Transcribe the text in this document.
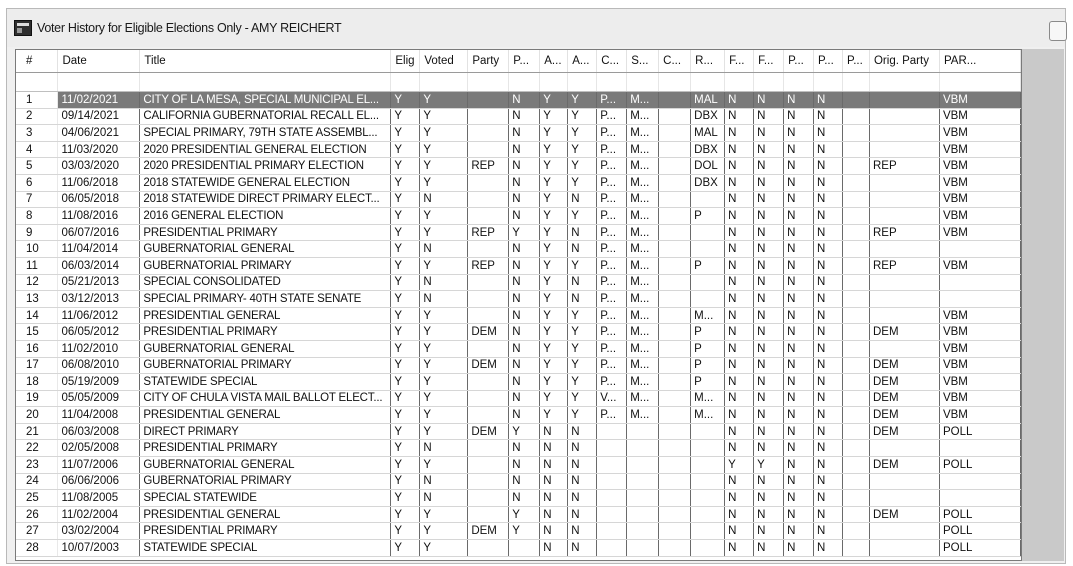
Voter History for Eligible Elections Only - AMY REICHERT
#	Date	Title	Elig	Voted	Party	P...	A...	A...	C...	S...	C...	R...	F...	F...	P...	P...	P...	Orig. Party	PAR...

1	11/02/2021	CITY OF LA MESA, SPECIAL MUNICIPAL EL...	Y	Y		N	Y	Y	P...	M...		MAL	N	N	N	N			VBM
2	09/14/2021	CALIFORNIA GUBERNATORIAL RECALL EL...	Y	Y		N	Y	Y	P...	M...		DBX	N	N	N	N			VBM
3	04/06/2021	SPECIAL PRIMARY, 79TH STATE ASSEMBL...	Y	Y		N	Y	Y	P...	M...		MAL	N	N	N	N			VBM
4	11/03/2020	2020 PRESIDENTIAL GENERAL ELECTION	Y	Y		N	Y	Y	P...	M...		DBX	N	N	N	N			VBM
5	03/03/2020	2020 PRESIDENTIAL PRIMARY ELECTION	Y	Y	REP	N	Y	Y	P...	M...		DOL	N	N	N	N		REP	VBM
6	11/06/2018	2018 STATEWIDE GENERAL ELECTION	Y	Y		N	Y	Y	P...	M...		DBX	N	N	N	N			VBM
7	06/05/2018	2018 STATEWIDE DIRECT PRIMARY ELECT...	Y	N		N	Y	N	P...	M...			N	N	N	N			VBM
8	11/08/2016	2016 GENERAL ELECTION	Y	Y		N	Y	Y	P...	M...		P	N	N	N	N			VBM
9	06/07/2016	PRESIDENTIAL PRIMARY	Y	Y	REP	Y	Y	N	P...	M...			N	N	N	N		REP	VBM
10	11/04/2014	GUBERNATORIAL GENERAL	Y	N		N	Y	N	P...	M...			N	N	N	N			
11	06/03/2014	GUBERNATORIAL PRIMARY	Y	Y	REP	N	Y	Y	P...	M...		P	N	N	N	N		REP	VBM
12	05/21/2013	SPECIAL CONSOLIDATED	Y	N		N	Y	N	P...	M...			N	N	N	N			
13	03/12/2013	SPECIAL PRIMARY- 40TH STATE SENATE	Y	N		N	Y	N	P...	M...			N	N	N	N			
14	11/06/2012	PRESIDENTIAL GENERAL	Y	Y		N	Y	Y	P...	M...		M...	N	N	N	N			VBM
15	06/05/2012	PRESIDENTIAL PRIMARY	Y	Y	DEM	N	Y	Y	P...	M...		P	N	N	N	N		DEM	VBM
16	11/02/2010	GUBERNATORIAL GENERAL	Y	Y		N	Y	Y	P...	M...		P	N	N	N	N			VBM
17	06/08/2010	GUBERNATORIAL PRIMARY	Y	Y	DEM	N	Y	Y	P...	M...		P	N	N	N	N		DEM	VBM
18	05/19/2009	STATEWIDE SPECIAL	Y	Y		N	Y	Y	P...	M...		P	N	N	N	N		DEM	VBM
19	05/05/2009	CITY OF CHULA VISTA MAIL BALLOT ELECT...	Y	Y		N	Y	Y	V...	M...		M...	N	N	N	N		DEM	VBM
20	11/04/2008	PRESIDENTIAL GENERAL	Y	Y		N	Y	Y	P...	M...		M...	N	N	N	N		DEM	VBM
21	06/03/2008	DIRECT PRIMARY	Y	Y	DEM	Y	N	N					N	N	N	N		DEM	POLL
22	02/05/2008	PRESIDENTIAL PRIMARY	Y	N		N	N	N					N	N	N	N			
23	11/07/2006	GUBERNATORIAL GENERAL	Y	Y		N	N	N					Y	Y	N	N		DEM	POLL
24	06/06/2006	GUBERNATORIAL PRIMARY	Y	N		N	N	N					N	N	N	N			
25	11/08/2005	SPECIAL STATEWIDE	Y	N		N	N	N					N	N	N	N			
26	11/02/2004	PRESIDENTIAL GENERAL	Y	Y		Y	N	N					N	N	N	N		DEM	POLL
27	03/02/2004	PRESIDENTIAL PRIMARY	Y	Y	DEM	Y	N	N					N	N	N	N			POLL
28	10/07/2003	STATEWIDE SPECIAL	Y	Y			N	N					N	N	N	N			POLL
